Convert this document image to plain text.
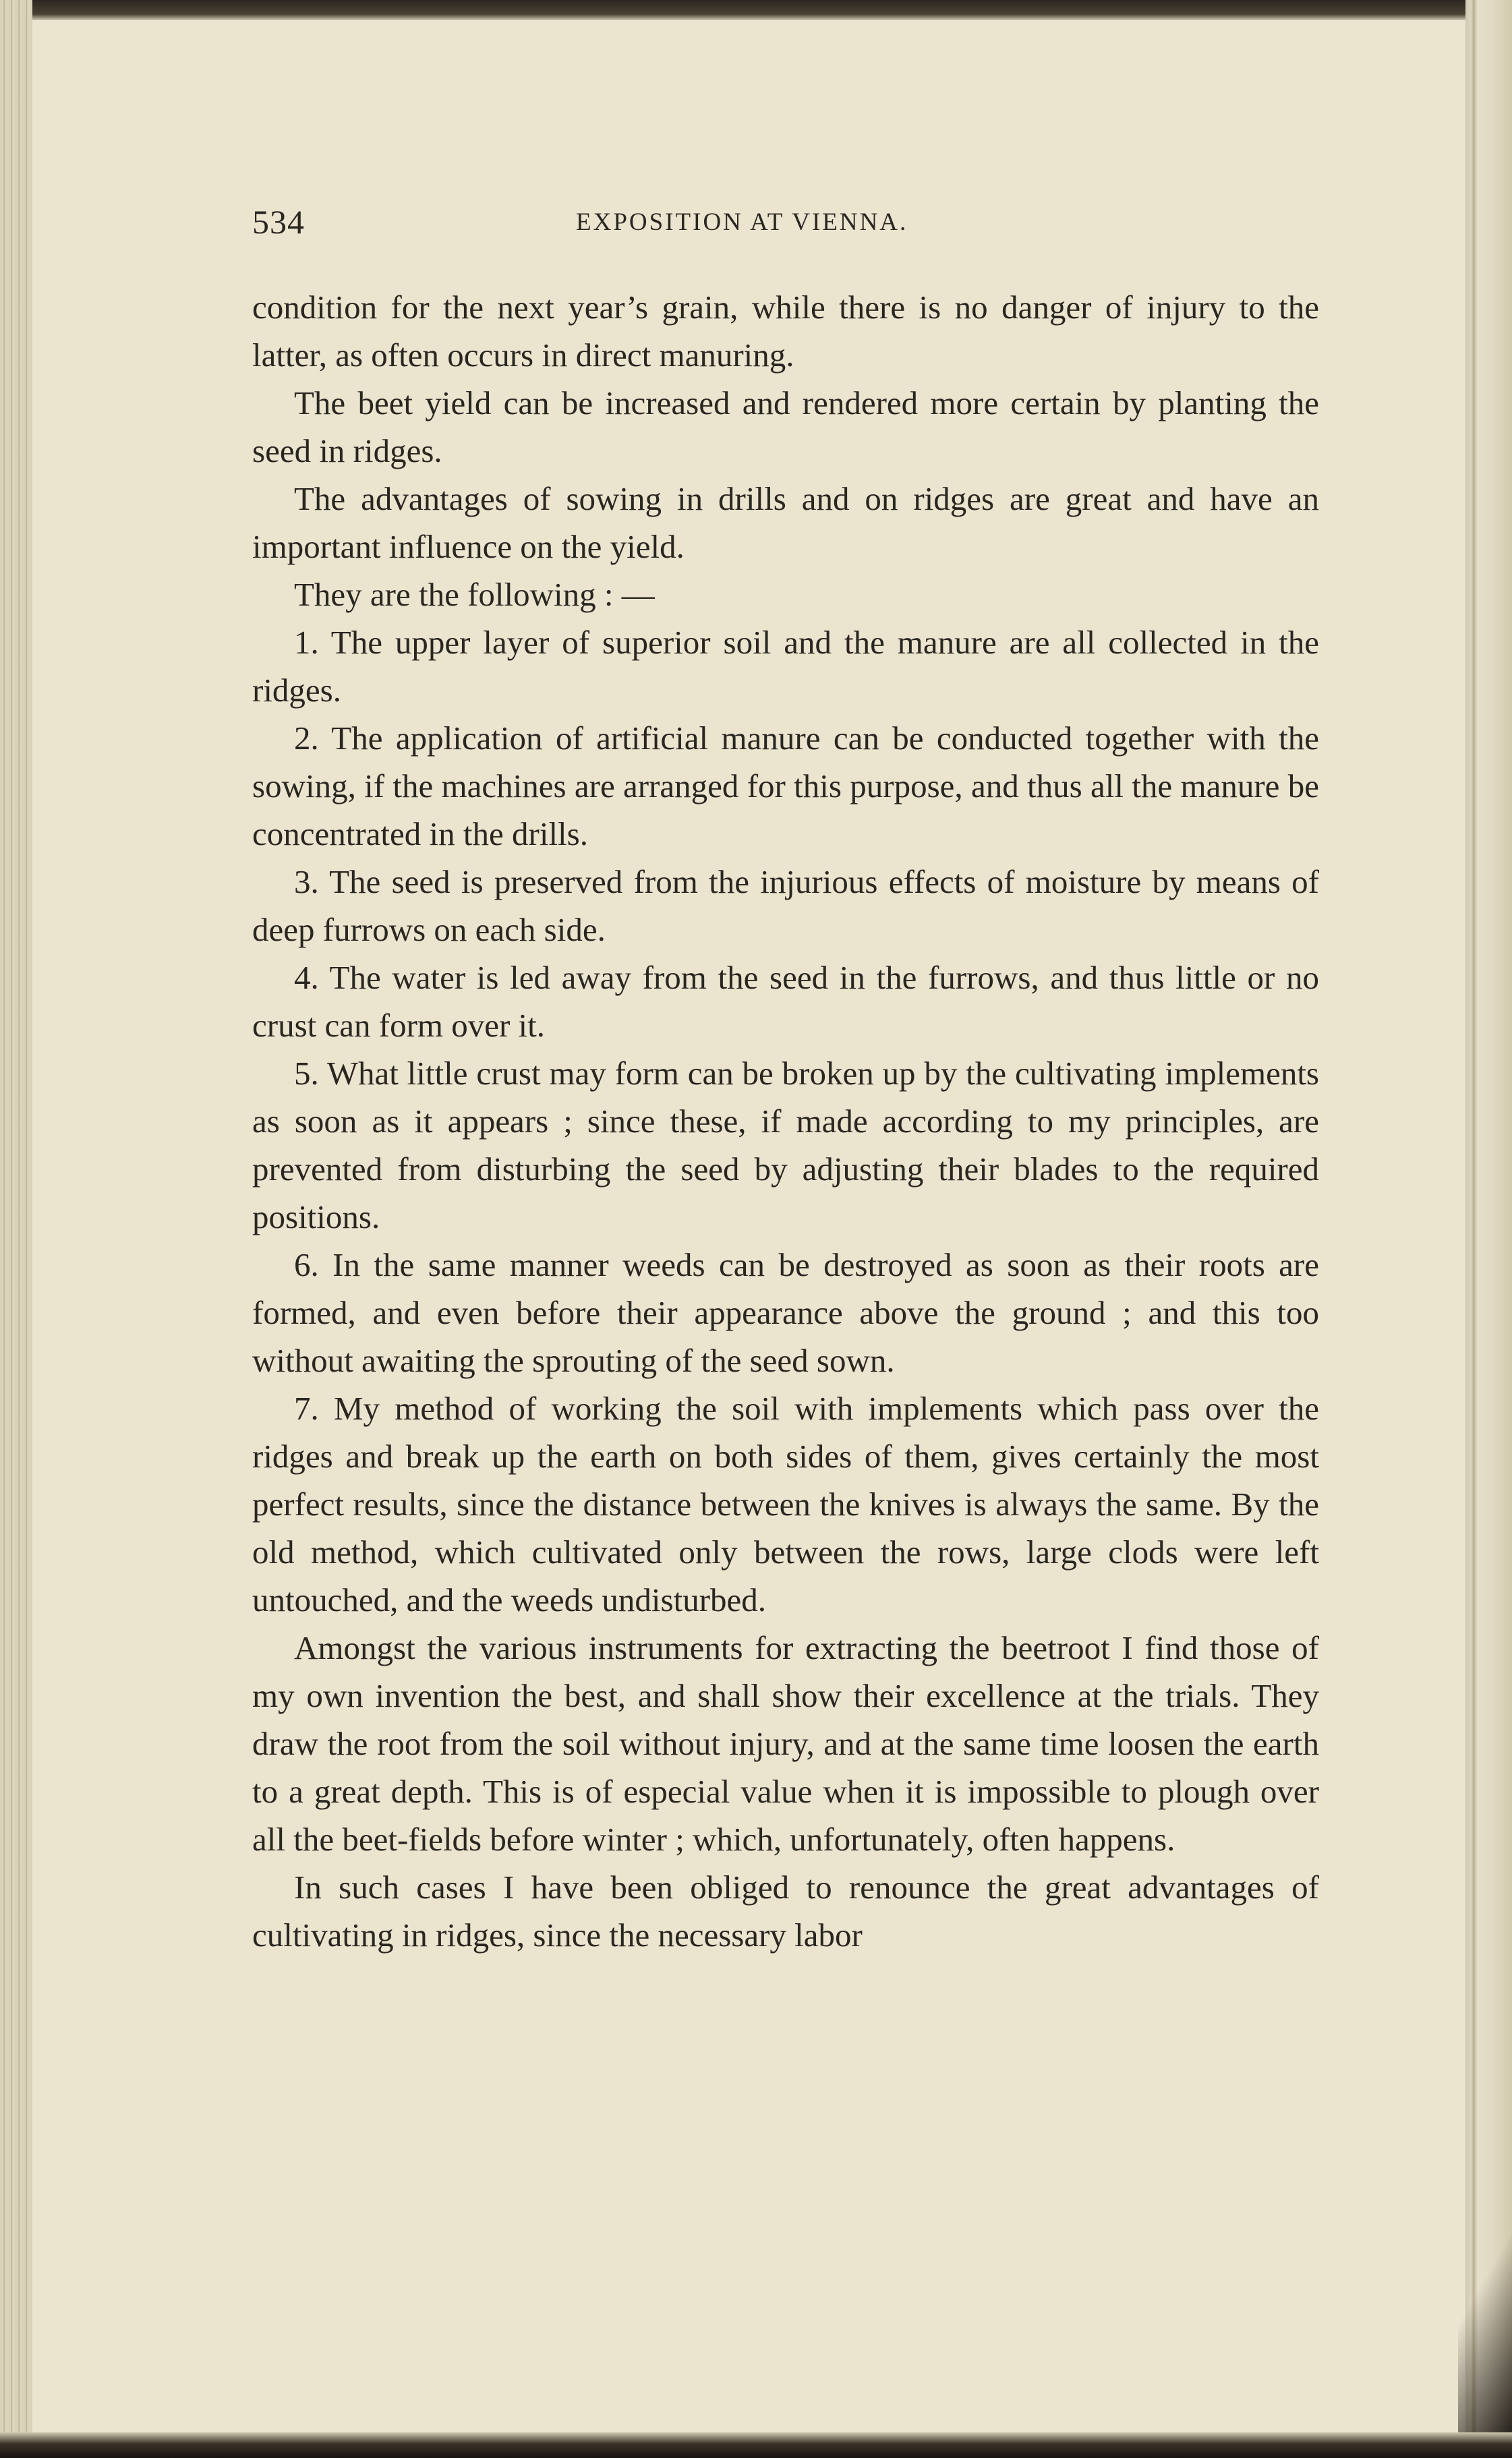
534	EXPOSITION AT VIENNA.

condition for the next year’s grain, while there is no danger of injury to the latter, as often occurs in direct manuring.

The beet yield can be increased and rendered more certain by planting the seed in ridges.

The advantages of sowing in drills and on ridges are great and have an important influence on the yield.

They are the following : —

1. The upper layer of superior soil and the manure are all collected in the ridges.

2. The application of artificial manure can be conducted together with the sowing, if the machines are arranged for this purpose, and thus all the manure be concentrated in the drills.

3. The seed is preserved from the injurious effects of moisture by means of deep furrows on each side.

4. The water is led away from the seed in the furrows, and thus little or no crust can form over it.

5. What little crust may form can be broken up by the cultivating implements as soon as it appears ; since these, if made according to my principles, are prevented from disturbing the seed by adjusting their blades to the required positions.

6. In the same manner weeds can be destroyed as soon as their roots are formed, and even before their appearance above the ground ; and this too without awaiting the sprouting of the seed sown.

7. My method of working the soil with implements which pass over the ridges and break up the earth on both sides of them, gives certainly the most perfect results, since the distance between the knives is always the same. By the old method, which cultivated only between the rows, large clods were left untouched, and the weeds undisturbed.

Amongst the various instruments for extracting the beetroot I find those of my own invention the best, and shall show their excellence at the trials. They draw the root from the soil without injury, and at the same time loosen the earth to a great depth. This is of especial value when it is impossible to plough over all the beet-fields before winter ; which, unfortunately, often happens.

In such cases I have been obliged to renounce the great advantages of cultivating in ridges, since the necessary labor
